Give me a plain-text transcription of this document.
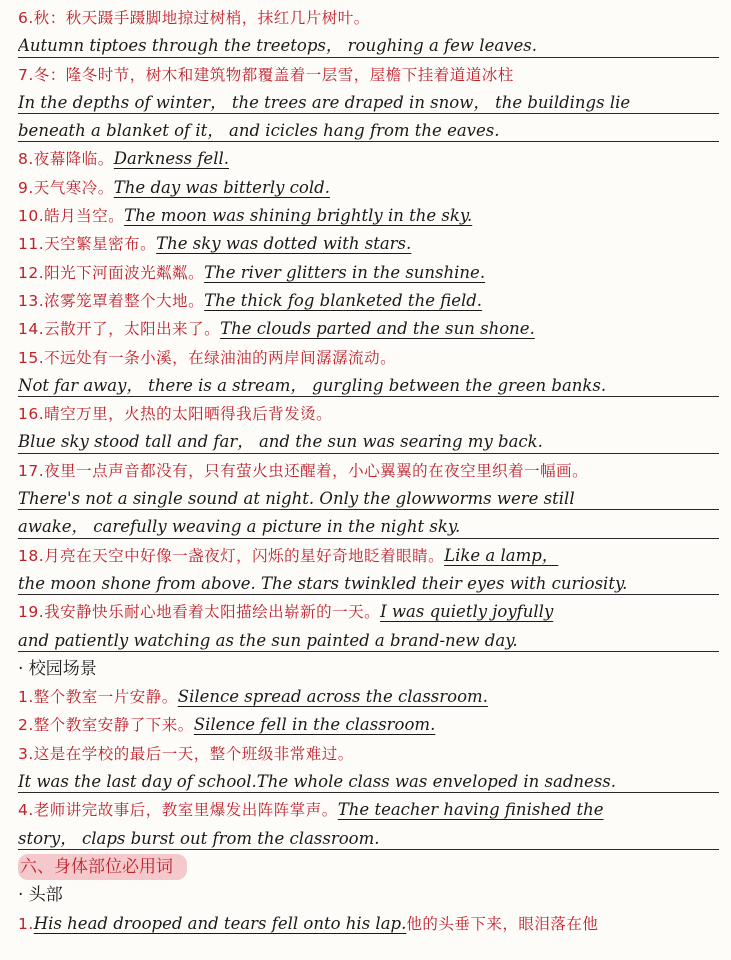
6.秋：秋天蹑手蹑脚地掠过树梢，抹红几片树叶。
Autumn tiptoes through the treetops， roughing a few leaves.
7.冬：隆冬时节，树木和建筑物都覆盖着一层雪，屋檐下挂着道道冰柱
In the depths of winter， the trees are draped in snow， the buildings lie
beneath a blanket of it， and icicles hang from the eaves.
8.夜幕降临。Darkness fell.
9.天气寒冷。The day was bitterly cold.
10.皓月当空。The moon was shining brightly in the sky.
11.天空繁星密布。The sky was dotted with stars.
12.阳光下河面波光粼粼。The river glitters in the sunshine.
13.浓雾笼罩着整个大地。The thick fog blanketed the field.
14.云散开了，太阳出来了。The clouds parted and the sun shone.
15.不远处有一条小溪，在绿油油的两岸间潺潺流动。
Not far away， there is a stream， gurgling between the green banks.
16.晴空万里，火热的太阳晒得我后背发烫。
Blue sky stood tall and far， and the sun was searing my back.
17.夜里一点声音都没有，只有萤火虫还醒着，小心翼翼的在夜空里织着一幅画。
There's not a single sound at night. Only the glowworms were still
awake， carefully weaving a picture in the night sky.
18.月亮在天空中好像一盏夜灯，闪烁的星好奇地眨着眼睛。Like a lamp，
the moon shone from above. The stars twinkled their eyes with curiosity.
19.我安静快乐耐心地看着太阳描绘出崭新的一天。I was quietly joyfully
and patiently watching as the sun painted a brand-new day.
· 校园场景
1.整个教室一片安静。Silence spread across the classroom.
2.整个教室安静了下来。Silence fell in the classroom.
3.这是在学校的最后一天，整个班级非常难过。
It was the last day of school.The whole class was enveloped in sadness.
4.老师讲完故事后，教室里爆发出阵阵掌声。The teacher having finished the
story， claps burst out from the classroom.
六、身体部位必用词
· 头部
1.His head drooped and tears fell onto his lap.他的头垂下来，眼泪落在他
